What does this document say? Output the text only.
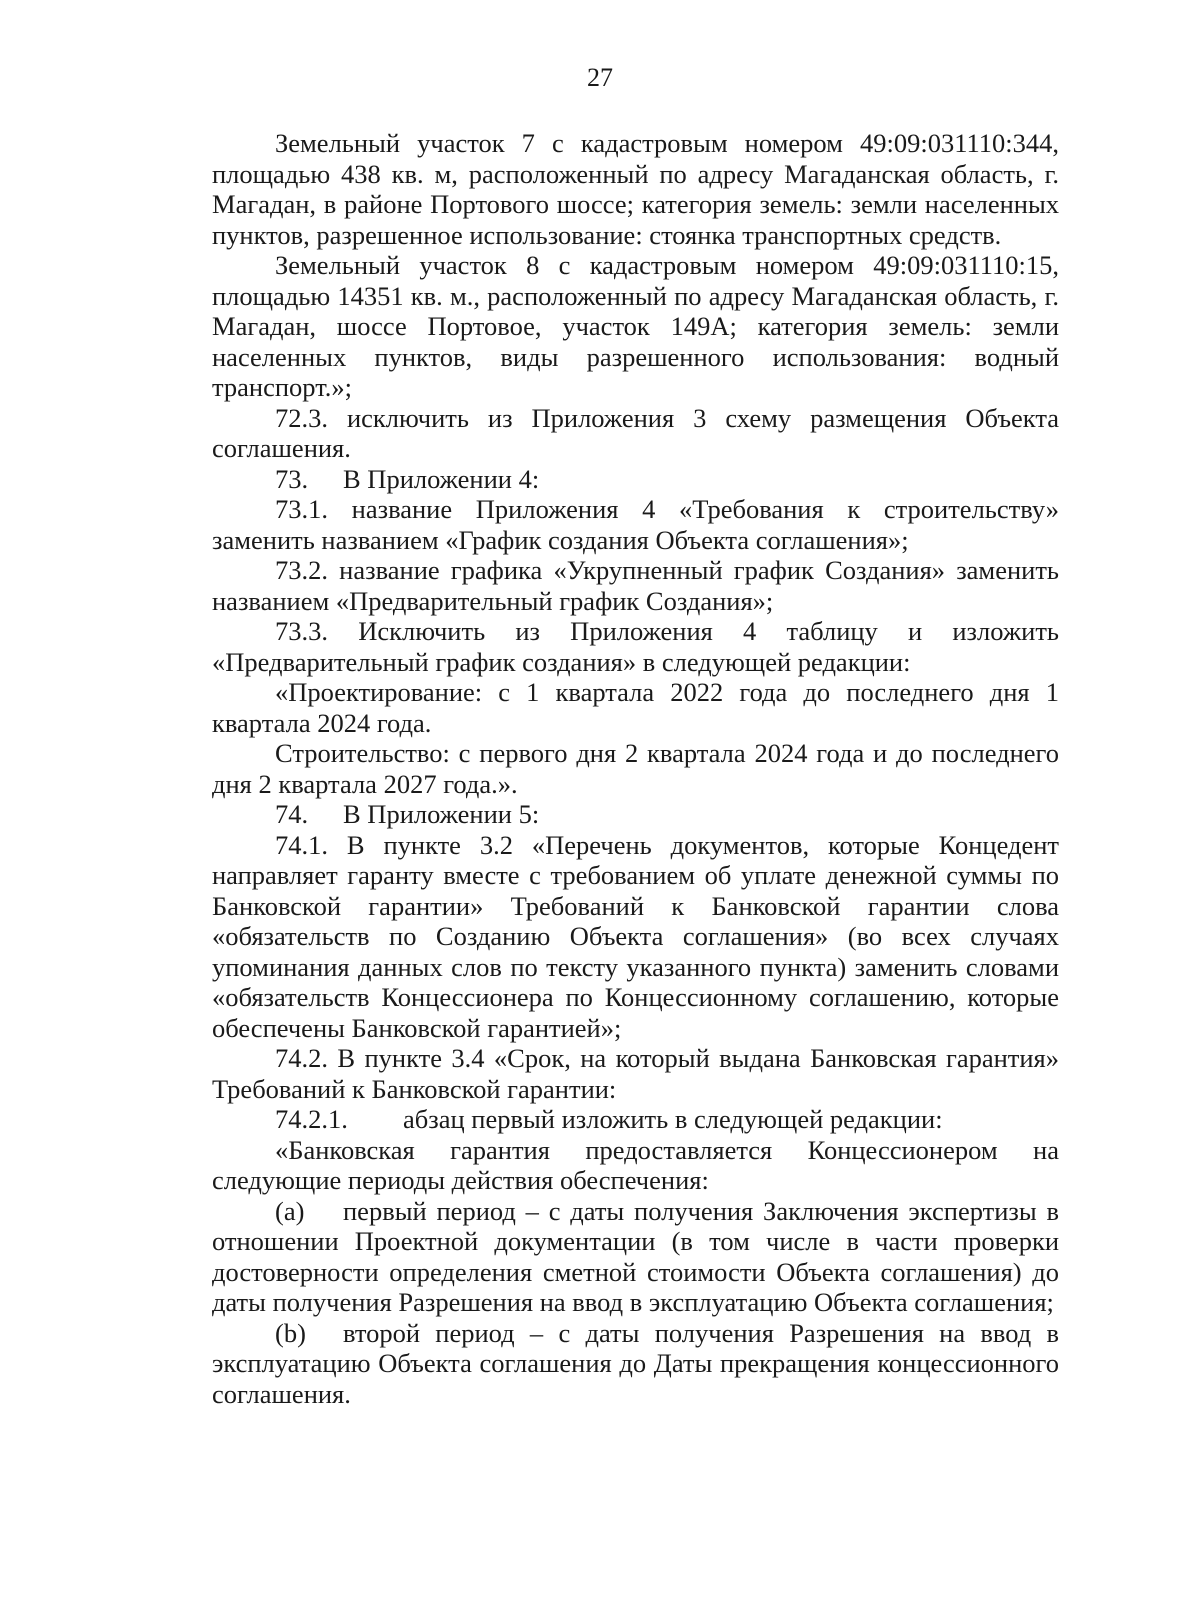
27

Земельный участок 7 с кадастровым номером 49:09:031110:344, площадью 438 кв. м, расположенный по адресу Магаданская область, г. Магадан, в районе Портового шоссе; категория земель: земли населенных пунктов, разрешенное использование: стоянка транспортных средств.

Земельный участок 8 с кадастровым номером 49:09:031110:15, площадью 14351 кв. м., расположенный по адресу Магаданская область, г. Магадан, шоссе Портовое, участок 149А; категория земель: земли населенных пунктов, виды разрешенного использования: водный транспорт.»;

72.3. исключить из Приложения 3 схему размещения Объекта соглашения.

73. В Приложении 4:

73.1. название Приложения 4 «Требования к строительству» заменить названием «График создания Объекта соглашения»;

73.2. название графика «Укрупненный график Создания» заменить названием «Предварительный график Создания»;

73.3. Исключить из Приложения 4 таблицу и изложить «Предварительный график создания» в следующей редакции:

«Проектирование: с 1 квартала 2022 года до последнего дня 1 квартала 2024 года.

Строительство: с первого дня 2 квартала 2024 года и до последнего дня 2 квартала 2027 года.».

74. В Приложении 5:

74.1. В пункте 3.2 «Перечень документов, которые Концедент направляет гаранту вместе с требованием об уплате денежной суммы по Банковской гарантии» Требований к Банковской гарантии слова «обязательств по Созданию Объекта соглашения» (во всех случаях упоминания данных слов по тексту указанного пункта) заменить словами «обязательств Концессионера по Концессионному соглашению, которые обеспечены Банковской гарантией»;

74.2. В пункте 3.4 «Срок, на который выдана Банковская гарантия» Требований к Банковской гарантии:

74.2.1. абзац первый изложить в следующей редакции:

«Банковская гарантия предоставляется Концессионером на следующие периоды действия обеспечения:

(a) первый период – с даты получения Заключения экспертизы в отношении Проектной документации (в том числе в части проверки достоверности определения сметной стоимости Объекта соглашения) до даты получения Разрешения на ввод в эксплуатацию Объекта соглашения;

(b) второй период – с даты получения Разрешения на ввод в эксплуатацию Объекта соглашения до Даты прекращения концессионного соглашения.
